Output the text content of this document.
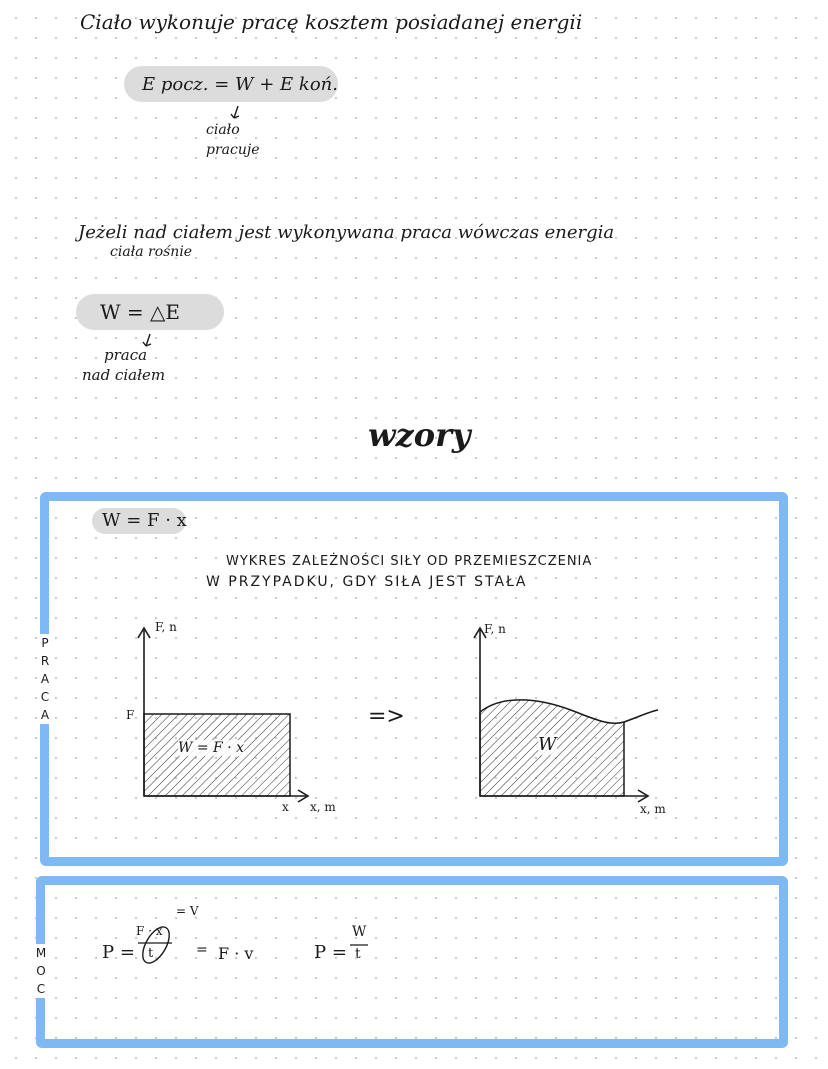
Ciało wykonuje pracę kosztem posiadanej energii
E pocz. = W + E koń.
ciało
pracuje
Jeżeli nad ciałem jest wykonywana praca wówczas energia
ciała rośnie
W = △E
praca
nad ciałem
wzory
P
R
A
C
A
W = F · x
WYKRES ZALEŻNOŚCI SIŁY OD PRZEMIESZCZENIA
W PRZYPADKU, GDY SIŁA JEST STAŁA
F, n
F
W = F · x
x x, m
=>
F, n
W
x, m
M
O
C
P =
F · x
t
= V
= F · v	P =
W
t
